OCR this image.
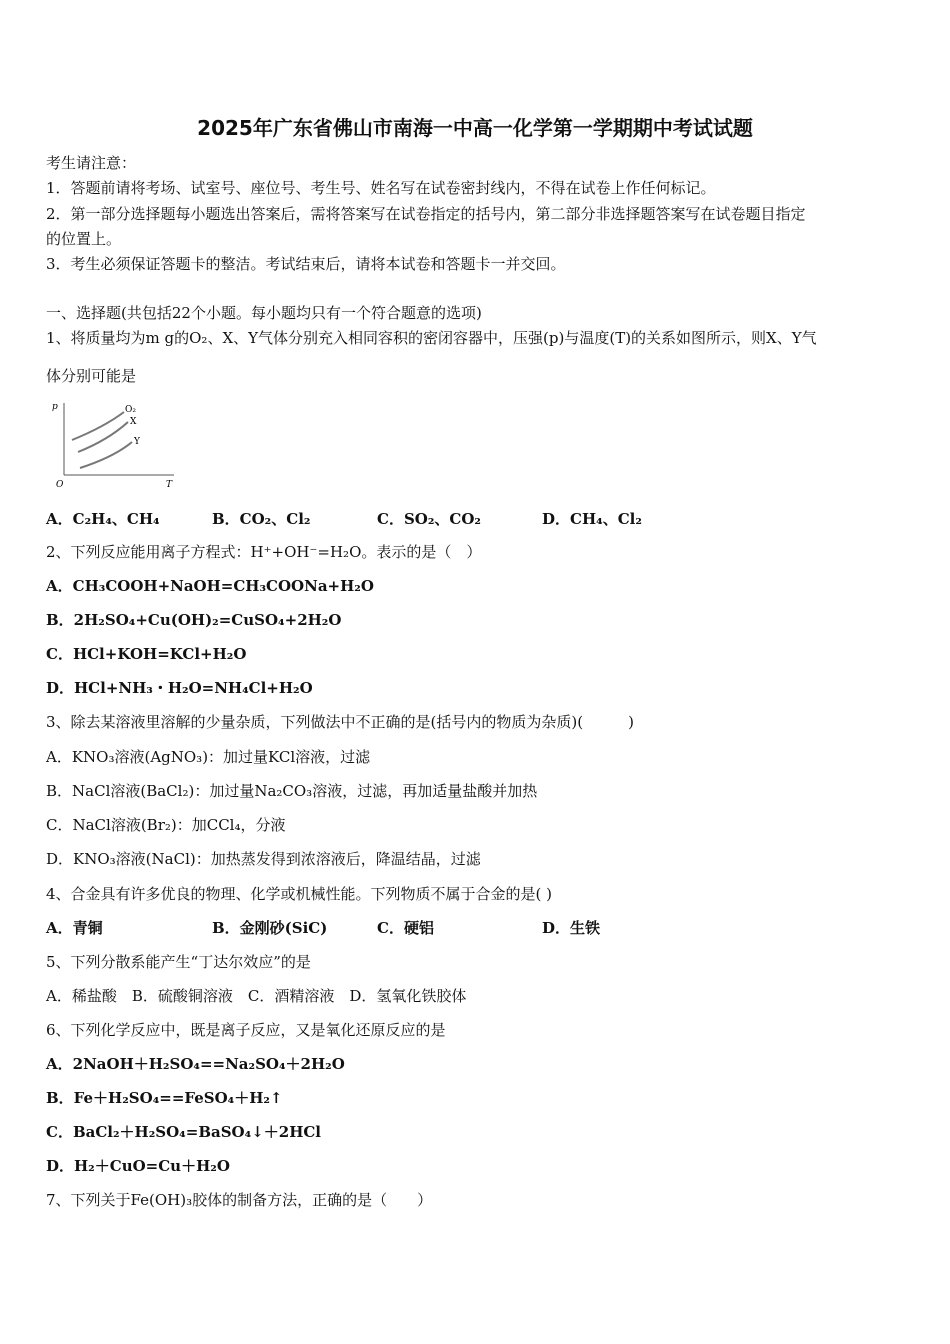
2025年广东省佛山市南海一中高一化学第一学期期中考试试题
考生请注意：
1．答题前请将考场、试室号、座位号、考生号、姓名写在试卷密封线内，不得在试卷上作任何标记。
2．第一部分选择题每小题选出答案后，需将答案写在试卷指定的括号内，第二部分非选择题答案写在试卷题目指定
的位置上。
3．考生必须保证答题卡的整洁。考试结束后，请将本试卷和答题卡一并交回。
一、选择题(共包括22个小题。每小题均只有一个符合题意的选项)
1、将质量均为m g的O₂、X、Y气体分别充入相同容积的密闭容器中，压强(p)与温度(T)的关系如图所示，则X、Y气
体分别可能是
p
T
O
O₂
X
Y
A．C₂H₄、CH₄	B．CO₂、Cl₂	C．SO₂、CO₂	D．CH₄、Cl₂
2、下列反应能用离子方程式：H⁺+OH⁻=H₂O。表示的是（　）
A．CH₃COOH+NaOH=CH₃COONa+H₂O
B．2H₂SO₄+Cu(OH)₂=CuSO₄+2H₂O
C．HCl+KOH=KCl+H₂O
D．HCl+NH₃・H₂O=NH₄Cl+H₂O
3、除去某溶液里溶解的少量杂质，下列做法中不正确的是(括号内的物质为杂质)(　　　)
A．KNO₃溶液(AgNO₃)：加过量KCl溶液，过滤
B．NaCl溶液(BaCl₂)：加过量Na₂CO₃溶液，过滤，再加适量盐酸并加热
C．NaCl溶液(Br₂)：加CCl₄，分液
D．KNO₃溶液(NaCl)：加热蒸发得到浓溶液后，降温结晶，过滤
4、合金具有许多优良的物理、化学或机械性能。下列物质不属于合金的是( )
A．青铜	B．金刚砂(SiC)	C．硬铝	D．生铁
5、下列分散系能产生“丁达尔效应”的是
A．稀盐酸　B．硫酸铜溶液　C．酒精溶液　D．氢氧化铁胶体
6、下列化学反应中，既是离子反应，又是氧化还原反应的是
A．2NaOH＋H₂SO₄==Na₂SO₄＋2H₂O
B．Fe＋H₂SO₄==FeSO₄＋H₂↑
C．BaCl₂＋H₂SO₄=BaSO₄↓＋2HCl
D．H₂＋CuO=Cu＋H₂O
7、下列关于Fe(OH)₃胶体的制备方法，正确的是（　　）
